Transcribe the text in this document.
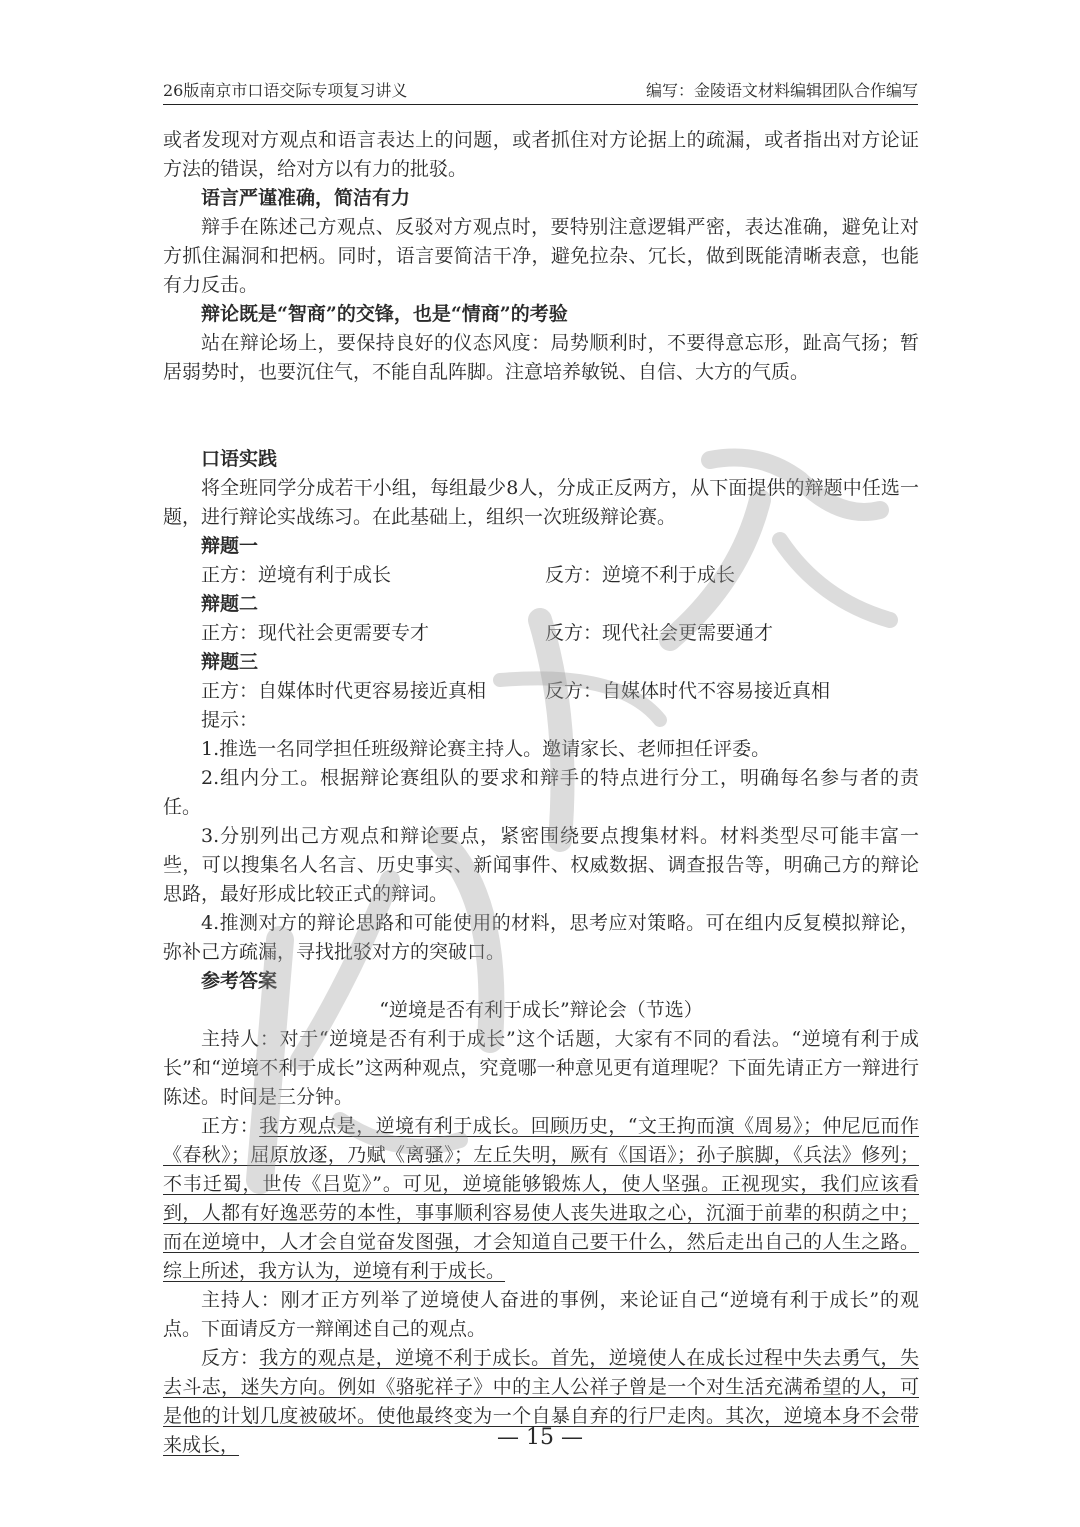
26版南京市口语交际专项复习讲义	编写：金陵语文材料编辑团队合作编写

或者发现对方观点和语言表达上的问题，或者抓住对方论据上的疏漏，或者指出对方论证方法的错误，给对方以有力的批驳。

语言严谨准确，简洁有力

辩手在陈述己方观点、反驳对方观点时，要特别注意逻辑严密，表达准确，避免让对方抓住漏洞和把柄。同时，语言要简洁干净，避免拉杂、冗长，做到既能清晰表意，也能有力反击。

辩论既是“智商”的交锋，也是“情商”的考验

站在辩论场上，要保持良好的仪态风度：局势顺利时，不要得意忘形，趾高气扬；暂居弱势时，也要沉住气，不能自乱阵脚。注意培养敏锐、自信、大方的气质。

口语实践

将全班同学分成若干小组，每组最少8人，分成正反两方，从下面提供的辩题中任选一题，进行辩论实战练习。在此基础上，组织一次班级辩论赛。

辩题一

正方：逆境有利于成长	反方：逆境不利于成长

辩题二

正方：现代社会更需要专才	反方：现代社会更需要通才

辩题三

正方：自媒体时代更容易接近真相	反方：自媒体时代不容易接近真相

提示：

1.推选一名同学担任班级辩论赛主持人。邀请家长、老师担任评委。

2.组内分工。根据辩论赛组队的要求和辩手的特点进行分工，明确每名参与者的责任。

3.分别列出己方观点和辩论要点，紧密围绕要点搜集材料。材料类型尽可能丰富一些，可以搜集名人名言、历史事实、新闻事件、权威数据、调查报告等，明确己方的辩论思路，最好形成比较正式的辩词。

4.推测对方的辩论思路和可能使用的材料，思考应对策略。可在组内反复模拟辩论，弥补己方疏漏，寻找批驳对方的突破口。

参考答案

“逆境是否有利于成长”辩论会（节选）

主持人：对于“逆境是否有利于成长”这个话题，大家有不同的看法。“逆境有利于成长”和“逆境不利于成长”这两种观点，究竟哪一种意见更有道理呢？下面先请正方一辩进行陈述。时间是三分钟。

正方：我方观点是，逆境有利于成长。回顾历史，“文王拘而演《周易》；仲尼厄而作《春秋》；屈原放逐，乃赋《离骚》；左丘失明，厥有《国语》；孙子膑脚，《兵法》修列；不韦迁蜀，世传《吕览》”。可见，逆境能够锻炼人，使人坚强。正视现实，我们应该看到，人都有好逸恶劳的本性，事事顺利容易使人丧失进取之心，沉湎于前辈的积荫之中；而在逆境中，人才会自觉奋发图强，才会知道自己要干什么，然后走出自己的人生之路。综上所述，我方认为，逆境有利于成长。

主持人：刚才正方列举了逆境使人奋进的事例，来论证自己“逆境有利于成长”的观点。下面请反方一辩阐述自己的观点。

反方：我方的观点是，逆境不利于成长。首先，逆境使人在成长过程中失去勇气，失去斗志，迷失方向。例如《骆驼祥子》中的主人公祥子曾是一个对生活充满希望的人，可是他的计划几度被破坏。使他最终变为一个自暴自弃的行尸走肉。其次，逆境本身不会带来成长，	— 15 —
